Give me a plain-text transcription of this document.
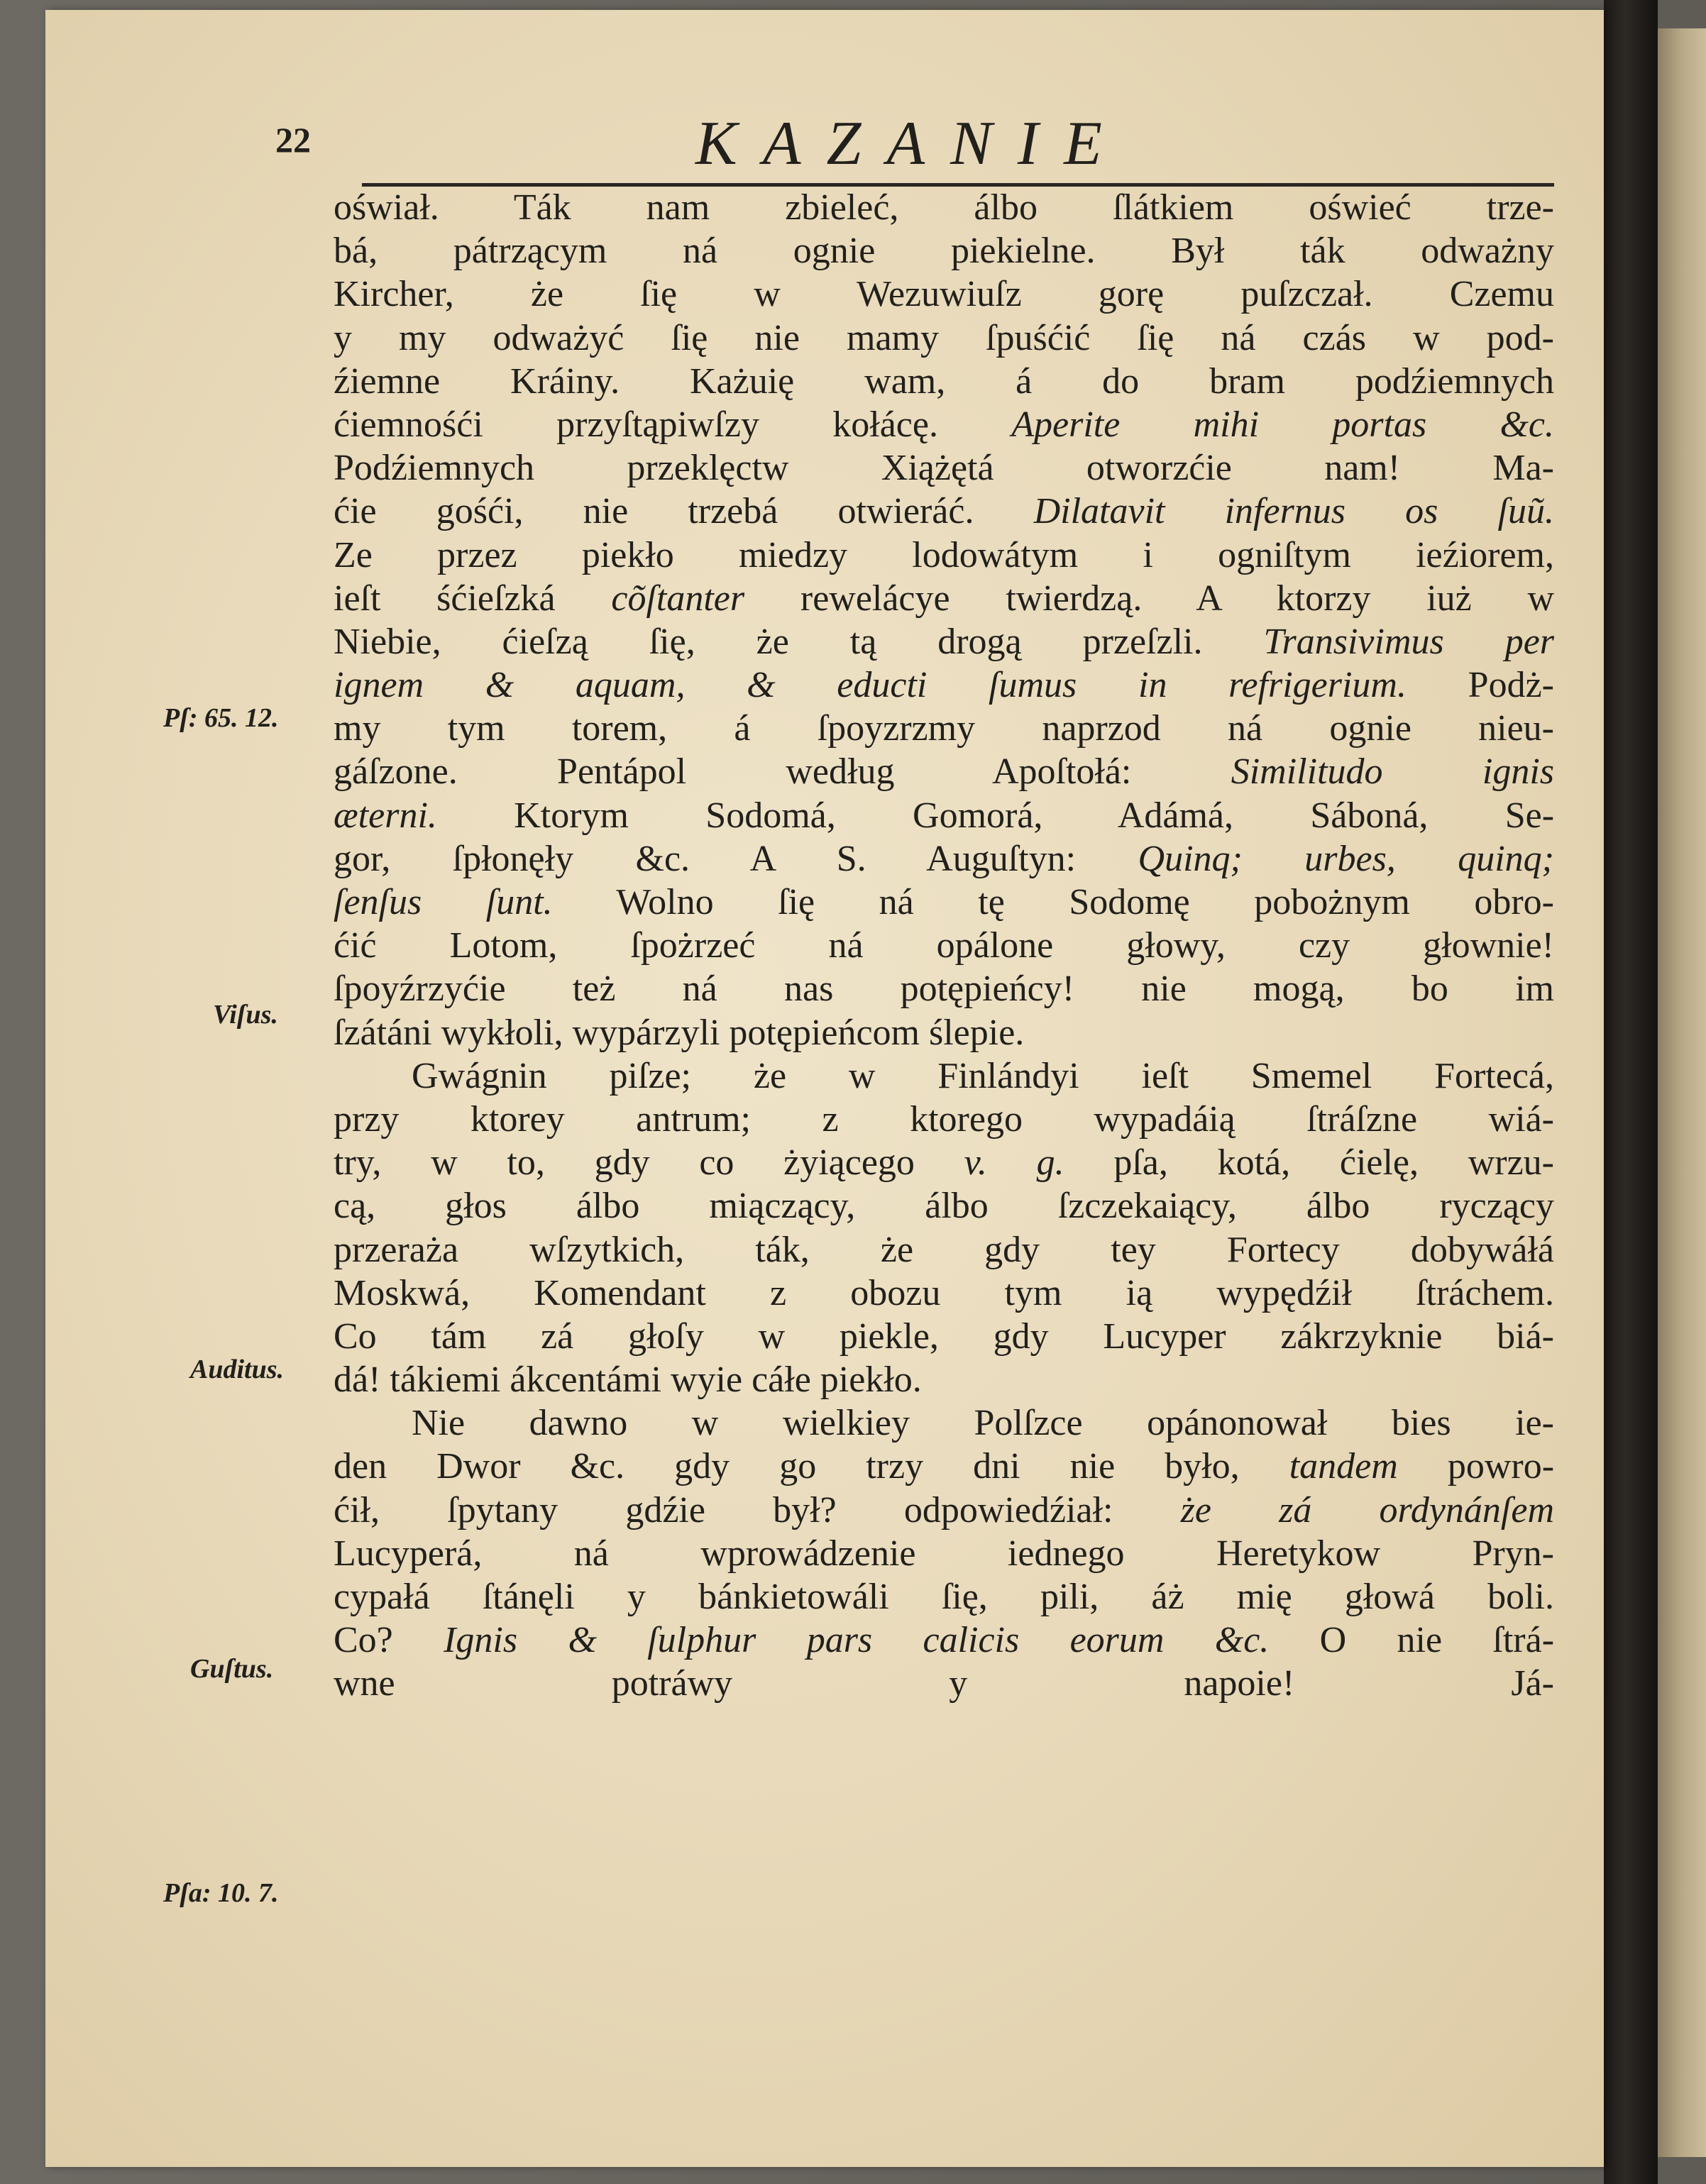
22	KAZANIE
oświał. Ták nam zbieleć, álbo ſlátkiem oświeć trze-
bá, pátrzącym ná ognie piekielne. Był ták odważny
Kircher, że ſię w Wezuwiuſz gorę puſzczał. Czemu
y my odważyć ſię nie mamy ſpuśćić ſię ná czás w pod-
źiemne Kráiny. Każuię wam, á do bram podźiemnych
ćiemnośći przyſtąpiwſzy kołácę. Aperite mihi portas &c.
Podźiemnych przeklęctw Xiążętá otworzćie nam! Ma-
ćie gośći, nie trzebá otwieráć. Dilatavit infernus os ſuũ.
Ze przez piekło miedzy lodowátym i ogniſtym ieźiorem,
ieſt śćieſzká cõſtanter rewelácye twierdzą. A ktorzy iuż w
Niebie, ćieſzą ſię, że tą drogą przeſzli. Transivimus per
ignem & aquam, & educti ſumus in refrigerium. Podż-
my tym torem, á ſpoyzrzmy naprzod ná ognie nieu-
gáſzone. Pentápol według Apoſtołá:	Similitudo ignis
æterni. Ktorym Sodomá, Gomorá, Adámá, Sáboná, Se-
gor, ſpłonęły &c. A S. Auguſtyn: Quinq; urbes, quinq;
ſenſus ſunt. Wolno ſię ná tę Sodomę pobożnym obro-
ćić Lotom, ſpożrzeć ná opálone głowy, czy głownie!
ſpoyźrzyćie też ná nas potępieńcy! nie mogą, bo im
ſzátáni wykłoli, wypárzyli potępieńcom ślepie.
Gwágnin piſze; że w Finlándyi ieſt Smemel Fortecá,
przy ktorey antrum; z ktorego wypadáią ſtráſzne wiá-
try, w to, gdy co żyiącego v. g. pſa, kotá, ćielę, wrzu-
cą, głos álbo miączący, álbo ſzczekaiący, álbo ryczący
przeraża wſzytkich, ták, że gdy tey Fortecy dobywáłá
Moskwá, Komendant z obozu tym ią wypędźił ſtráchem.
Co tám zá głoſy w piekle, gdy Lucyper zákrzyknie biá-
dá! tákiemi ákcentámi wyie cáłe piekło.
Nie dawno w wielkiey Polſzce opánonował bies ie-
den Dwor &c. gdy go trzy dni nie było, tandem powro-
ćił, ſpytany gdźie był? odpowiedźiał: że zá ordynánſem
Lucyperá, ná wprowádzenie iednego Heretykow Pryn-
cypałá ſtánęli y bánkietowáli ſię, pili, áż mię głowá boli.
Co? Ignis & ſulphur pars calicis eorum &c. O nie ſtrá-
wne potráwy y napoie! Já-
Pſ: 65. 12.
Viſus.
Auditus.
Guſtus.
Pſa: 10. 7.
